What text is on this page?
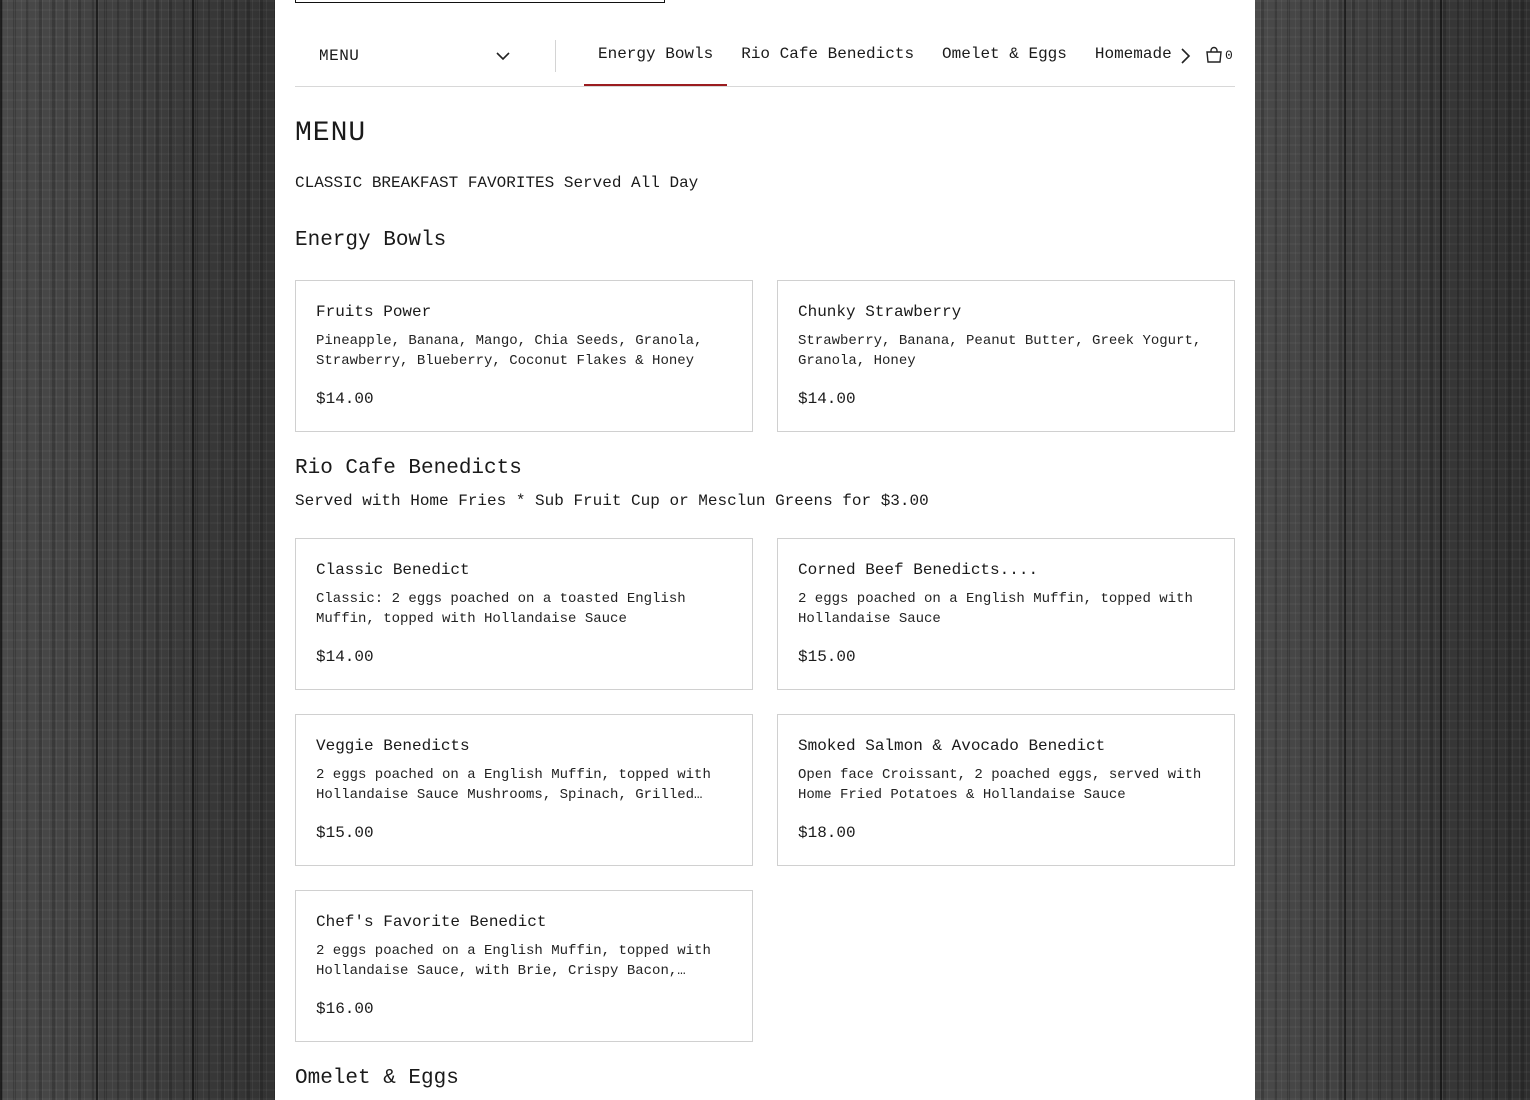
MENU	Energy Bowls Rio Cafe Benedicts Omelet & Eggs Homemade	0
MENU
CLASSIC BREAKFAST FAVORITES Served All Day
Energy Bowls
Fruits Power
Pineapple, Banana, Mango, Chia Seeds, Granola, Strawberry, Blueberry, Coconut Flakes & Honey
$14.00
Chunky Strawberry
Strawberry, Banana, Peanut Butter, Greek Yogurt, Granola, Honey
$14.00
Rio Cafe Benedicts
Served with Home Fries * Sub Fruit Cup or Mesclun Greens for $3.00
Classic Benedict
Classic: 2 eggs poached on a toasted English Muffin, topped with Hollandaise Sauce
$14.00
Corned Beef Benedicts....
2 eggs poached on a English Muffin, topped with Hollandaise Sauce
$15.00
Veggie Benedicts
2 eggs poached on a English Muffin, topped with Hollandaise Sauce Mushrooms, Spinach, Grilled…
$15.00
Smoked Salmon & Avocado Benedict
Open face Croissant, 2 poached eggs, served with Home Fried Potatoes & Hollandaise Sauce
$18.00
Chef's Favorite Benedict
2 eggs poached on a English Muffin, topped with Hollandaise Sauce, with Brie, Crispy Bacon,…
$16.00
Omelet & Eggs
